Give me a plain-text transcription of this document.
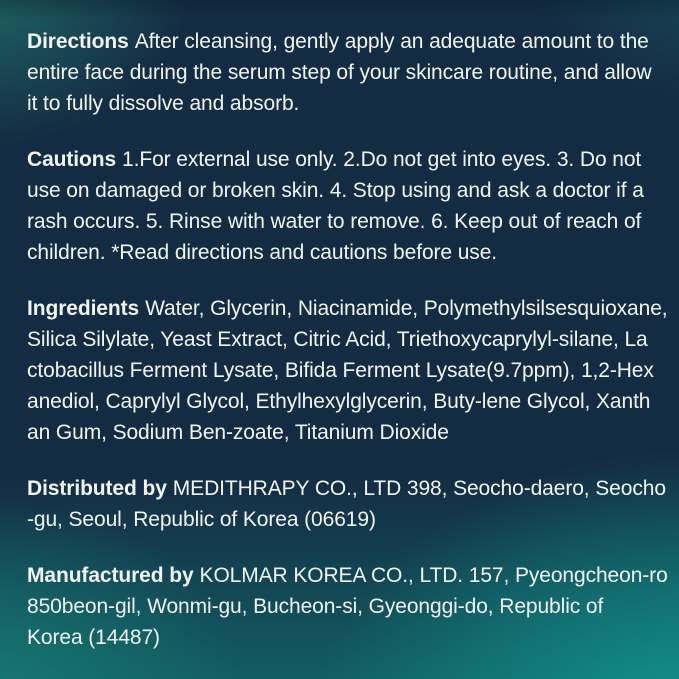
Directions After cleansing, gently apply an adequate amount to the
entire face during the serum step of your skincare routine, and allow
it to fully dissolve and absorb.

Cautions 1.For external use only. 2.Do not get into eyes. 3. Do not
use on damaged or broken skin. 4. Stop using and ask a doctor if a
rash occurs. 5. Rinse with water to remove. 6. Keep out of reach of
children. *Read directions and cautions before use.

Ingredients Water, Glycerin, Niacinamide, Polymethylsilsesquioxane,
Silica Silylate, Yeast Extract, Citric Acid, Triethoxycaprylyl-silane, La
ctobacillus Ferment Lysate, Bifida Ferment Lysate(9.7ppm), 1,2-Hex
anediol, Caprylyl Glycol, Ethylhexylglycerin, Buty-lene Glycol, Xanth
an Gum, Sodium Ben-zoate, Titanium Dioxide

Distributed by MEDITHRAPY CO., LTD 398, Seocho-daero, Seocho
-gu, Seoul, Republic of Korea (06619)

Manufactured by KOLMAR KOREA CO., LTD. 157, Pyeongcheon-ro
850beon-gil, Wonmi-gu, Bucheon-si, Gyeonggi-do, Republic of
Korea (14487)
